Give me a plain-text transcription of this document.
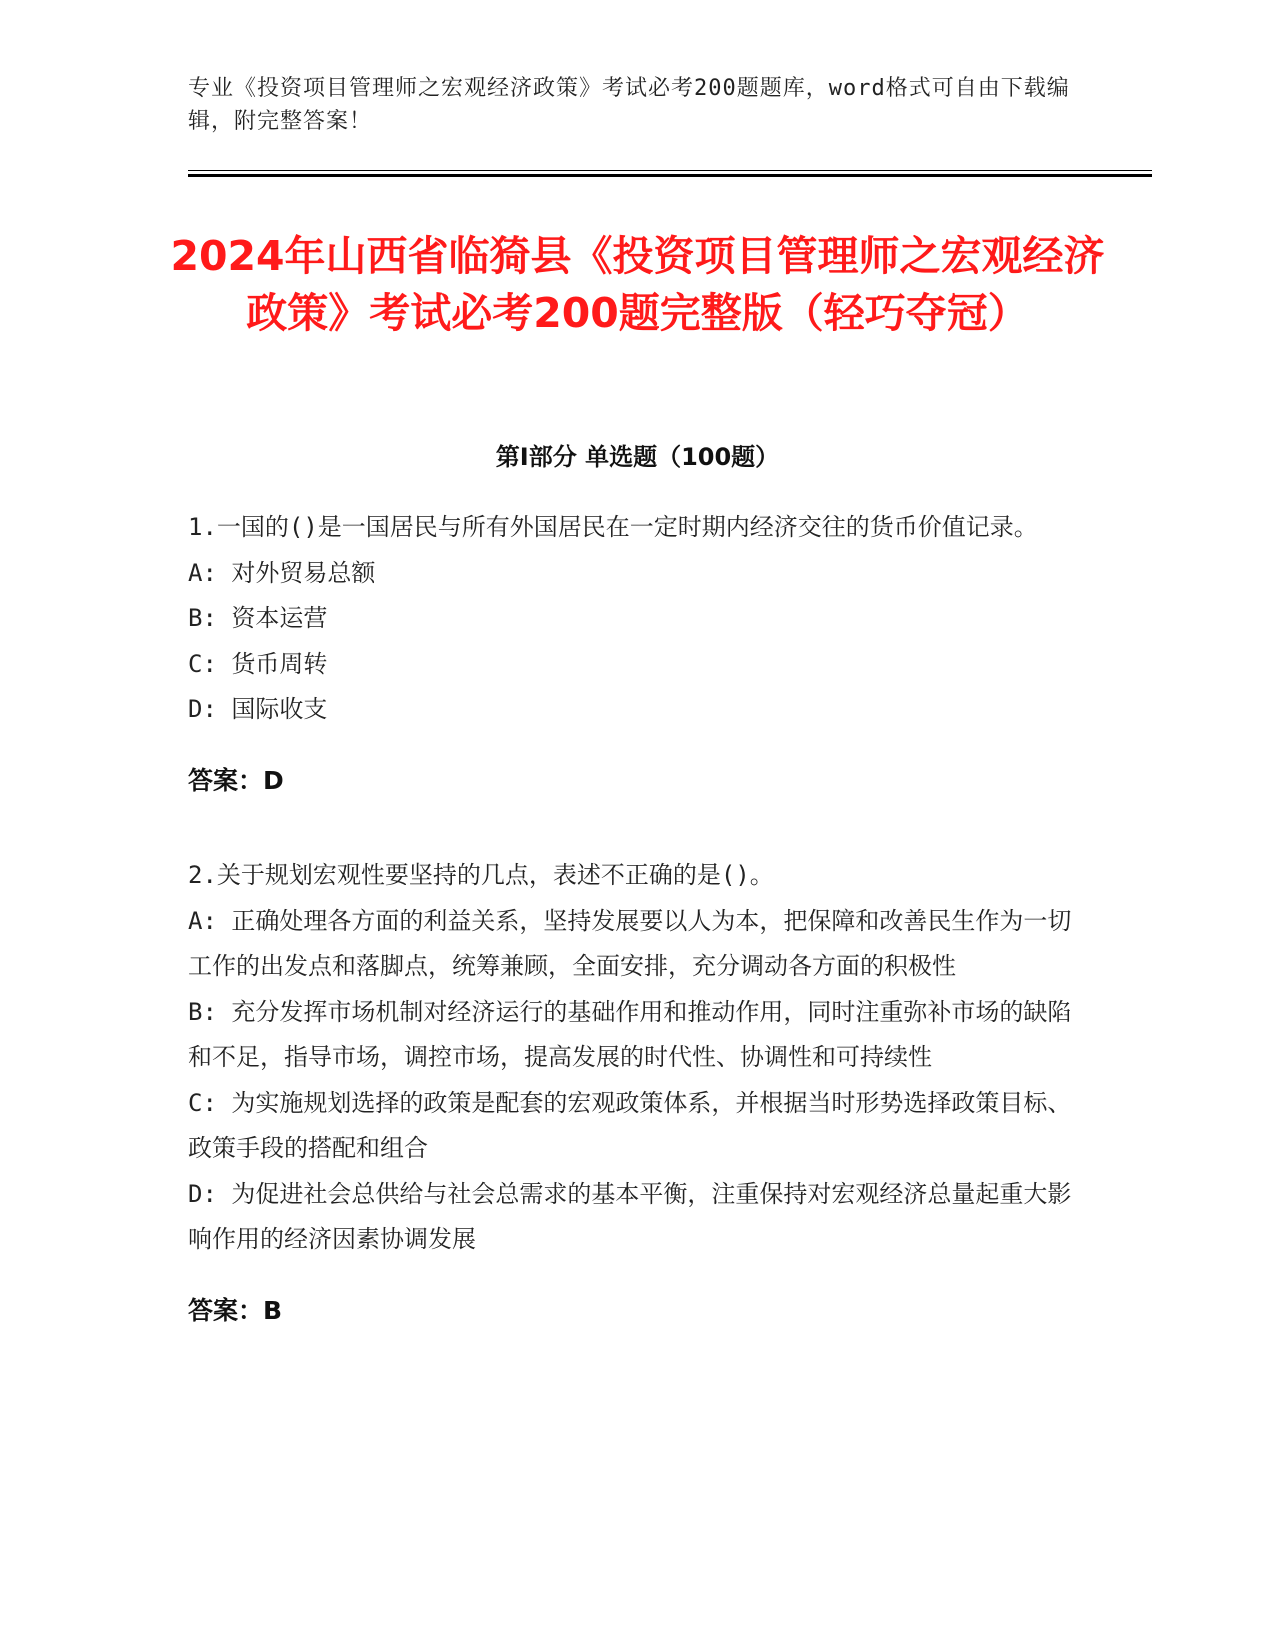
专业《投资项目管理师之宏观经济政策》考试必考200题题库，word格式可自由下载编辑，附完整答案！
2024年山西省临猗县《投资项目管理师之宏观经济政策》考试必考200题完整版（轻巧夺冠）
第I部分 单选题（100题）

1.一国的()是一国居民与所有外国居民在一定时期内经济交往的货币价值记录。

A: 对外贸易总额

B: 资本运营

C: 货币周转

D: 国际收支

答案：D

2.关于规划宏观性要坚持的几点，表述不正确的是()。

A: 正确处理各方面的利益关系，坚持发展要以人为本，把保障和改善民生作为一切工作的出发点和落脚点，统筹兼顾，全面安排，充分调动各方面的积极性

B: 充分发挥市场机制对经济运行的基础作用和推动作用，同时注重弥补市场的缺陷和不足，指导市场，调控市场，提高发展的时代性、协调性和可持续性

C: 为实施规划选择的政策是配套的宏观政策体系，并根据当时形势选择政策目标、政策手段的搭配和组合

D: 为促进社会总供给与社会总需求的基本平衡，注重保持对宏观经济总量起重大影响作用的经济因素协调发展

答案：B
